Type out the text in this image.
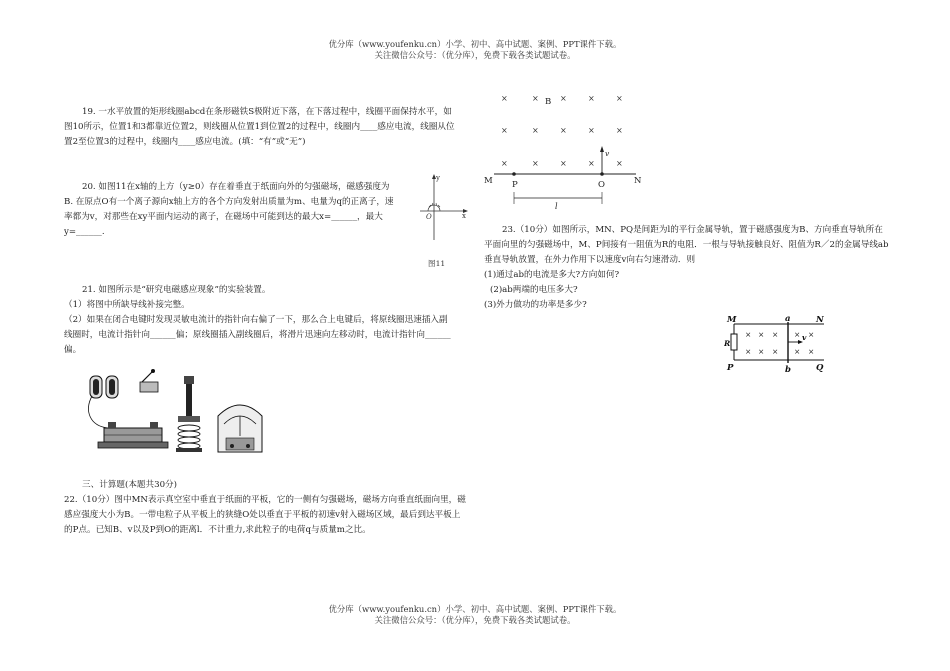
优分库（www.youfenku.cn）小学、初中、高中试题、案例、PPT课件下载。
关注微信公众号：（优分库），免费下载各类试题试卷。

19. 一水平放置的矩形线圈abcd在条形磁铁S极附近下落，在下落过程中，线圈平面保持水平，如图10所示，位置1和3都靠近位置2，则线圈从位置1到位置2的过程中，线圈内____感应电流，线圈从位置2至位置3的过程中，线圈内____感应电流。(填：“有”或“无”)

20. 如图11在x轴的上方（y≥0）存在着垂直于纸面向外的匀强磁场，磁感强度为B. 在原点O有一个离子源向x轴上方的各个方向发射出质量为m、电量为q的正离子，速率都为v，对那些在xy平面内运动的离子，在磁场中可能到达的最大x=______，最大y=______.

y
x
O
图11

21. 如图所示是“研究电磁感应现象”的实验装置。

（1）将图中所缺导线补接完整。

（2）如果在闭合电键时发现灵敏电流计的指针向右偏了一下，那么合上电键后，将原线圈迅速插入副线圈时，电流计指针向______偏；原线圈插入副线圈后，将滑片迅速向左移动时，电流计指针向______偏。

三、计算题(本题共30分)

22.（10分）图中MN表示真空室中垂直于纸面的平板，它的一侧有匀强磁场，磁场方向垂直纸面向里，磁感应强度大小为B。一带电粒子从平板上的狭缝O处以垂直于平板的初速v射入磁场区域，最后到达平板上的P点。已知B、v以及P到O的距离l．不计重力,求此粒子的电荷q与质量m之比。

×	×	×	×	×
×	×	×	×	×
×	×	×	×	×
B
v
M	N
P	O
l

23.（10分）如图所示，MN、PQ是间距为l的平行金属导轨，置于磁感强度为B、方向垂直导轨所在平面向里的匀强磁场中，M、P间接有一阻值为R的电阻．一根与导轨接触良好、阻值为R／2的金属导线ab垂直导轨放置，在外力作用下以速度v向右匀速滑动．则

(1)通过ab的电流是多大?方向如何?

(2)ab两端的电压多大?

(3)外力做功的功率是多少?

× × × × ×
× × × × ×
M	a	N
R
v
P	b	Q
优分库（www.youfenku.cn）小学、初中、高中试题、案例、PPT课件下载。
关注微信公众号：（优分库），免费下载各类试题试卷。
